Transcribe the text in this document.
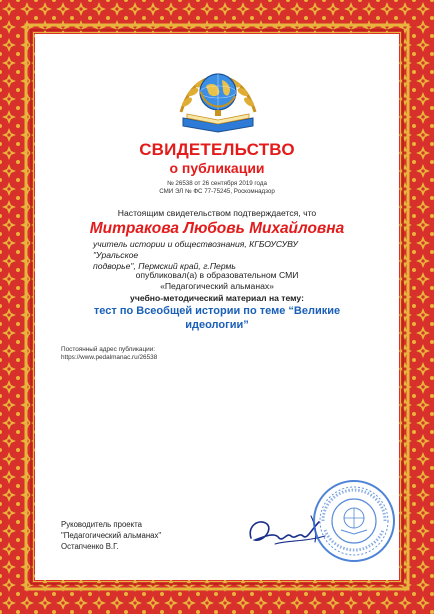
СВИДЕТЕЛЬСТВО
о публикации
№ 26538 от 26 сентября 2019 года
СМИ ЭЛ № ФС 77-75245, Роскомнадзор
Настоящим свидетельством подтверждается, что
Митракова Любовь Михайловна
учитель истории и обществознания, КГБОУСУВУ "Уральское
подворье", Пермский край, г.Пермь
опубликовал(а) в образовательном СМИ
«Педагогический альманах»
учебно-методический материал на тему:
тест по Всеобщей истории по теме “Великие
идеологии”
Постоянный адрес публикации:
https://www.pedalmanac.ru/26538
Руководитель проекта
"Педагогический альманах"
Остапченко В.Г.
